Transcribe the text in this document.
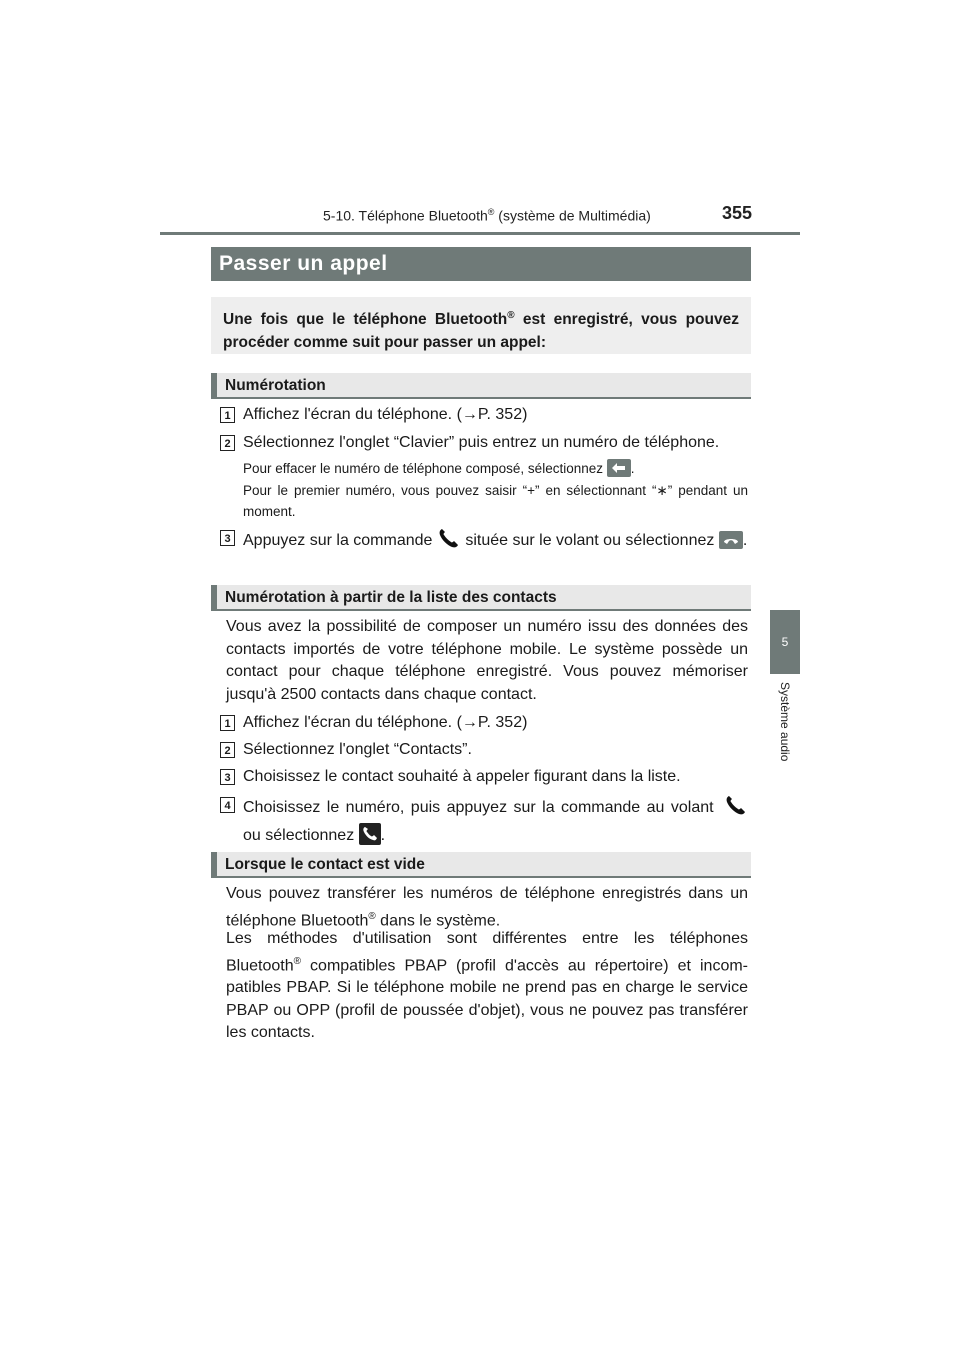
5-10. Téléphone Bluetooth® (système de Multimédia)	355
5
Système audio
Passer un appel

Une fois que le téléphone Bluetooth® est enregistré, vous pouvez procéder comme suit pour passer un appel:

Numérotation
1 Affichez l'écran du téléphone. (→P. 352)
2 Sélectionnez l'onglet “Clavier” puis entrez un numéro de téléphone.
Pour effacer le numéro de téléphone composé, sélectionnez
.
Pour le premier numéro, vous pouvez saisir “+” en sélectionnant “∗” pendant un moment.
3 Appuyez sur la commande  située sur le volant ou sélectionnez
.
Numérotation à partir de la liste des contacts
Vous avez la possibilité de composer un numéro issu des données des contacts importés de votre téléphone mobile. Le système possède un contact pour chaque téléphone enregistré. Vous pouvez mémoriser jusqu'à 2500 contacts dans chaque contact.
1 Affichez l'écran du téléphone. (→P. 352)
2 Sélectionnez l'onglet “Contacts”.
3 Choisissez le contact souhaité à appeler figurant dans la liste.
4 Choisissez le numéro, puis appuyez sur la commande au volant  ou sélectionnez
.
Lorsque le contact est vide
Vous pouvez transférer les numéros de téléphone enregistrés dans un téléphone Bluetooth® dans le système.
Les méthodes d'utilisation sont différentes entre les téléphones Bluetooth® compatibles PBAP (profil d'accès au répertoire) et incompatibles PBAP. Si le téléphone mobile ne prend pas en charge le service PBAP ou OPP (profil de poussée d'objet), vous ne pouvez pas transférer les contacts.
